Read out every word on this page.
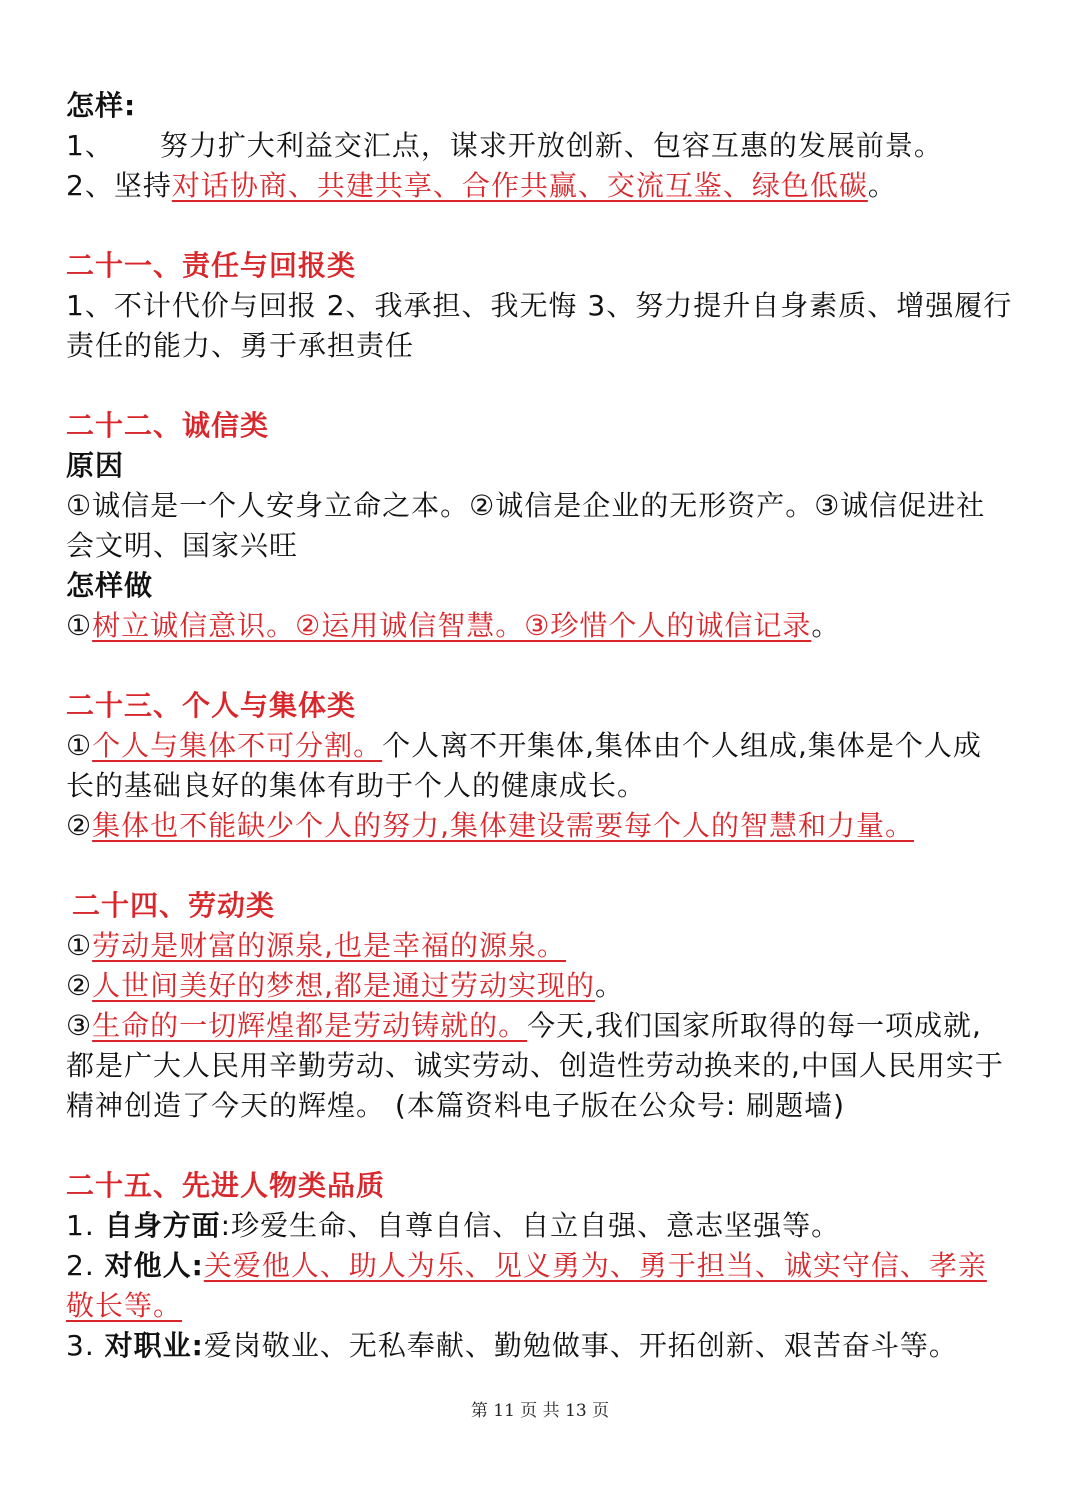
怎样:
1、 努力扩大利益交汇点，谋求开放创新、包容互惠的发展前景。
2、坚持对话协商、共建共享、合作共赢、交流互鉴、绿色低碳。
二十一、责任与回报类
1、不计代价与回报 2、我承担、我无悔 3、努力提升自身素质、增强履行
责任的能力、勇于承担责任
二十二、诚信类
原因
①诚信是一个人安身立命之本。②诚信是企业的无形资产。③诚信促进社
会文明、国家兴旺
怎样做
①树立诚信意识。②运用诚信智慧。③珍惜个人的诚信记录。
二十三、个人与集体类
①个人与集体不可分割。个人离不开集体,集体由个人组成,集体是个人成
长的基础良好的集体有助于个人的健康成长。
②集体也不能缺少个人的努力,集体建设需要每个人的智慧和力量。
二十四、劳动类
①劳动是财富的源泉,也是幸福的源泉。
②人世间美好的梦想,都是通过劳动实现的。
③生命的一切辉煌都是劳动铸就的。今天,我们国家所取得的每一项成就,
都是广大人民用辛勤劳动、诚实劳动、创造性劳动换来的,中国人民用实于
精神创造了今天的辉煌。 (本篇资料电子版在公众号: 刷题墙)
二十五、先进人物类品质
1. 自身方面:珍爱生命、自尊自信、自立自强、意志坚强等。
2. 对他人:关爱他人、助人为乐、见义勇为、勇于担当、诚实守信、孝亲
敬长等。
3. 对职业:爱岗敬业、无私奉献、勤勉做事、开拓创新、艰苦奋斗等。
第 11 页 共 13 页
